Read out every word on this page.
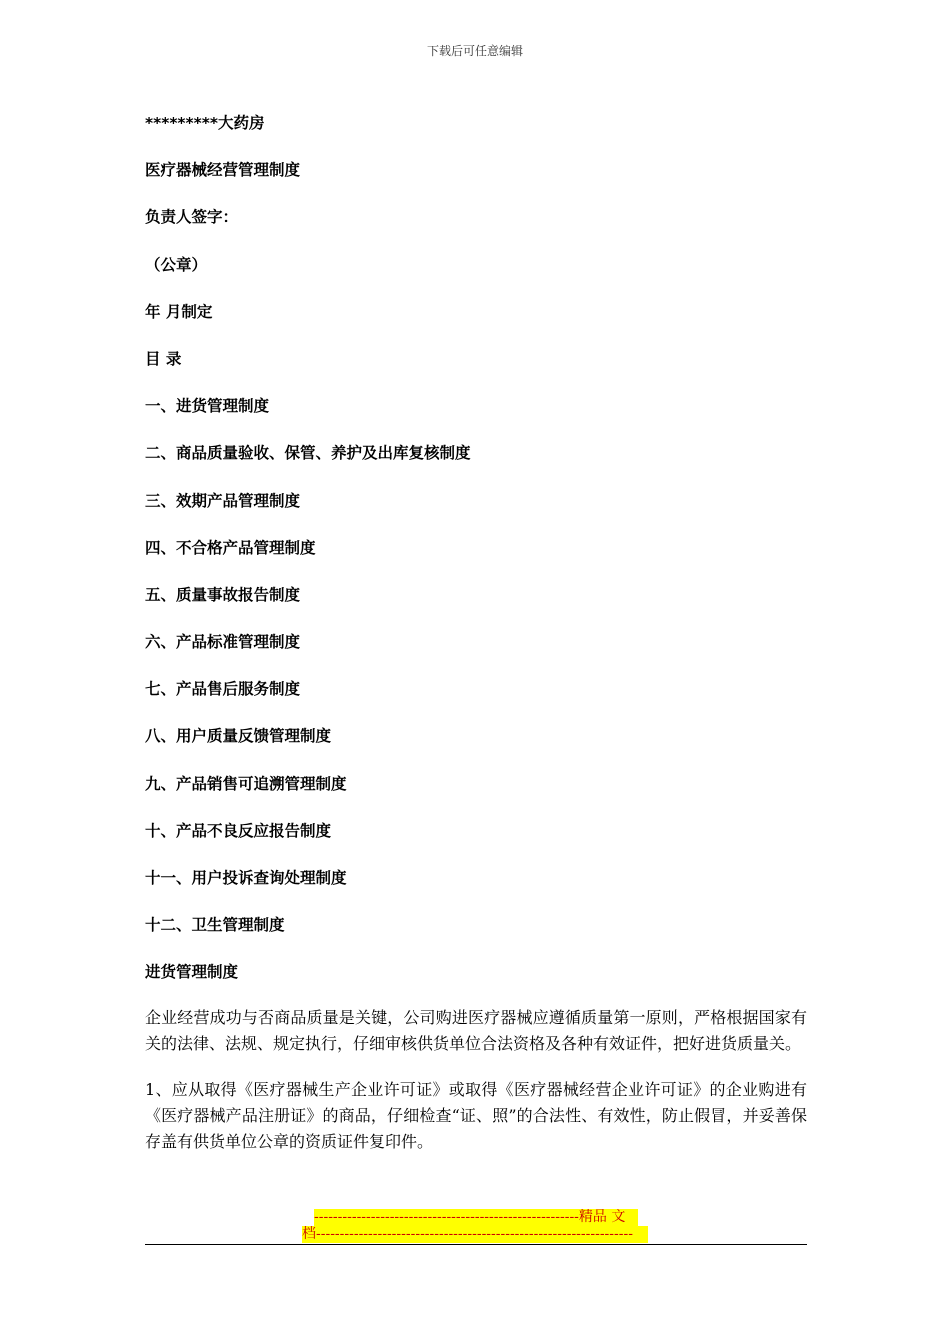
下载后可任意编辑
*********大药房
医疗器械经营管理制度
负责人签字：
（公章）
年 月制定
目 录
一、进货管理制度
二、商品质量验收、保管、养护及出库复核制度
三、效期产品管理制度
四、不合格产品管理制度
五、质量事故报告制度
六、产品标准管理制度
七、产品售后服务制度
八、用户质量反馈管理制度
九、产品销售可追溯管理制度
十、产品不良反应报告制度
十一、用户投诉查询处理制度
十二、卫生管理制度
进货管理制度

企业经营成功与否商品质量是关键，公司购进医疗器械应遵循质量第一原则，严格根据国家有关的法律、法规、规定执行，仔细审核供货单位合法资格及各种有效证件，把好进货质量关。

1、应从取得《医疗器械生产企业许可证》或取得《医疗器械经营企业许可证》的企业购进有《医疗器械产品注册证》的商品，仔细检查“证、照”的合法性、有效性，防止假冒，并妥善保存盖有供货单位公章的资质证件复印件。

--------------------------------------------------------精品 文
档-------------------------------------------------------------------
